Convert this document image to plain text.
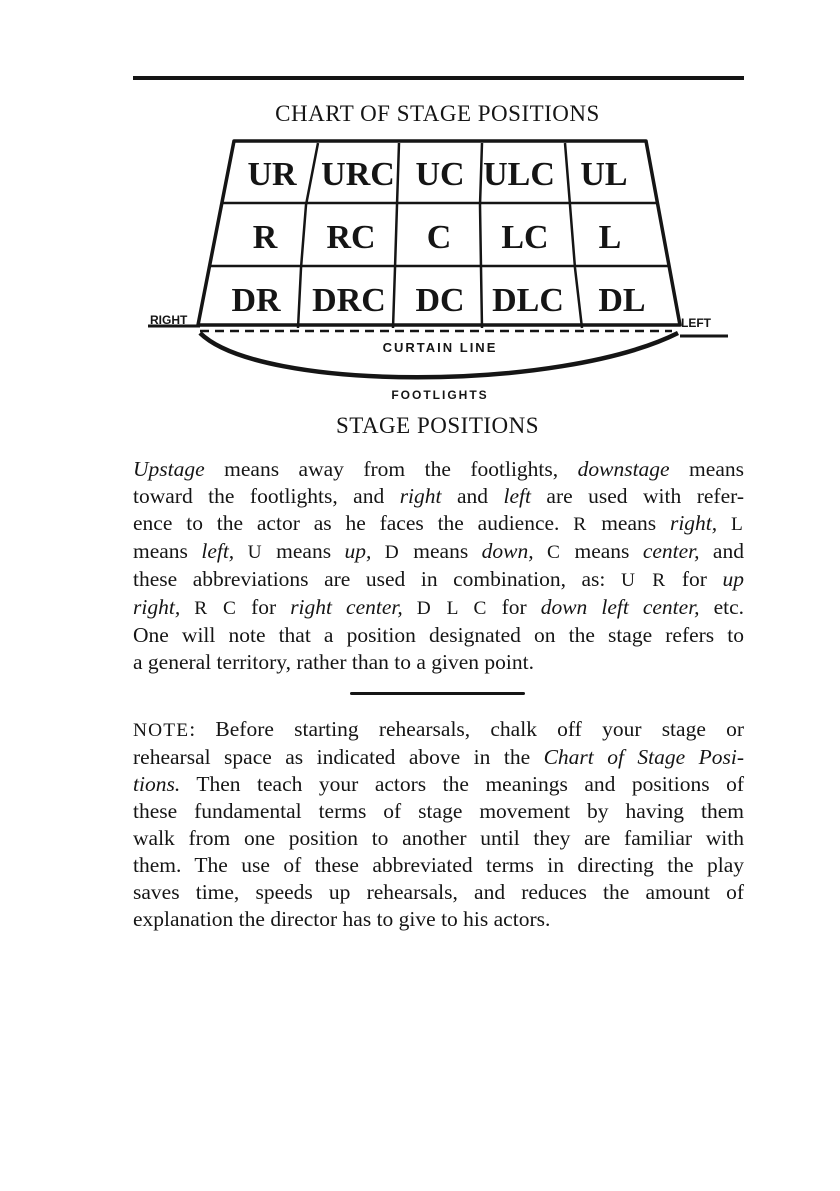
CHART OF STAGE POSITIONS
UR URC UC ULC UL
R RC C LC L
DR DRC DC DLC DL
RIGHT	LEFT
CURTAIN LINE
FOOTLIGHTS
STAGE POSITIONS
Upstage means away from the footlights, downstage means
toward the footlights, and right and left are used with refer-
ence to the actor as he faces the audience. R means right, L
means left, U means up, D means down, C means center, and
these abbreviations are used in combination, as: U R for up
right, R C for right center, D L C for down left center, etc.
One will note that a position designated on the stage refers to
a general territory, rather than to a given point.
NOTE: Before starting rehearsals, chalk off your stage or
rehearsal space as indicated above in the Chart of Stage Posi-
tions. Then teach your actors the meanings and positions of
these fundamental terms of stage movement by having them
walk from one position to another until they are familiar with
them. The use of these abbreviated terms in directing the play
saves time, speeds up rehearsals, and reduces the amount of
explanation the director has to give to his actors.
